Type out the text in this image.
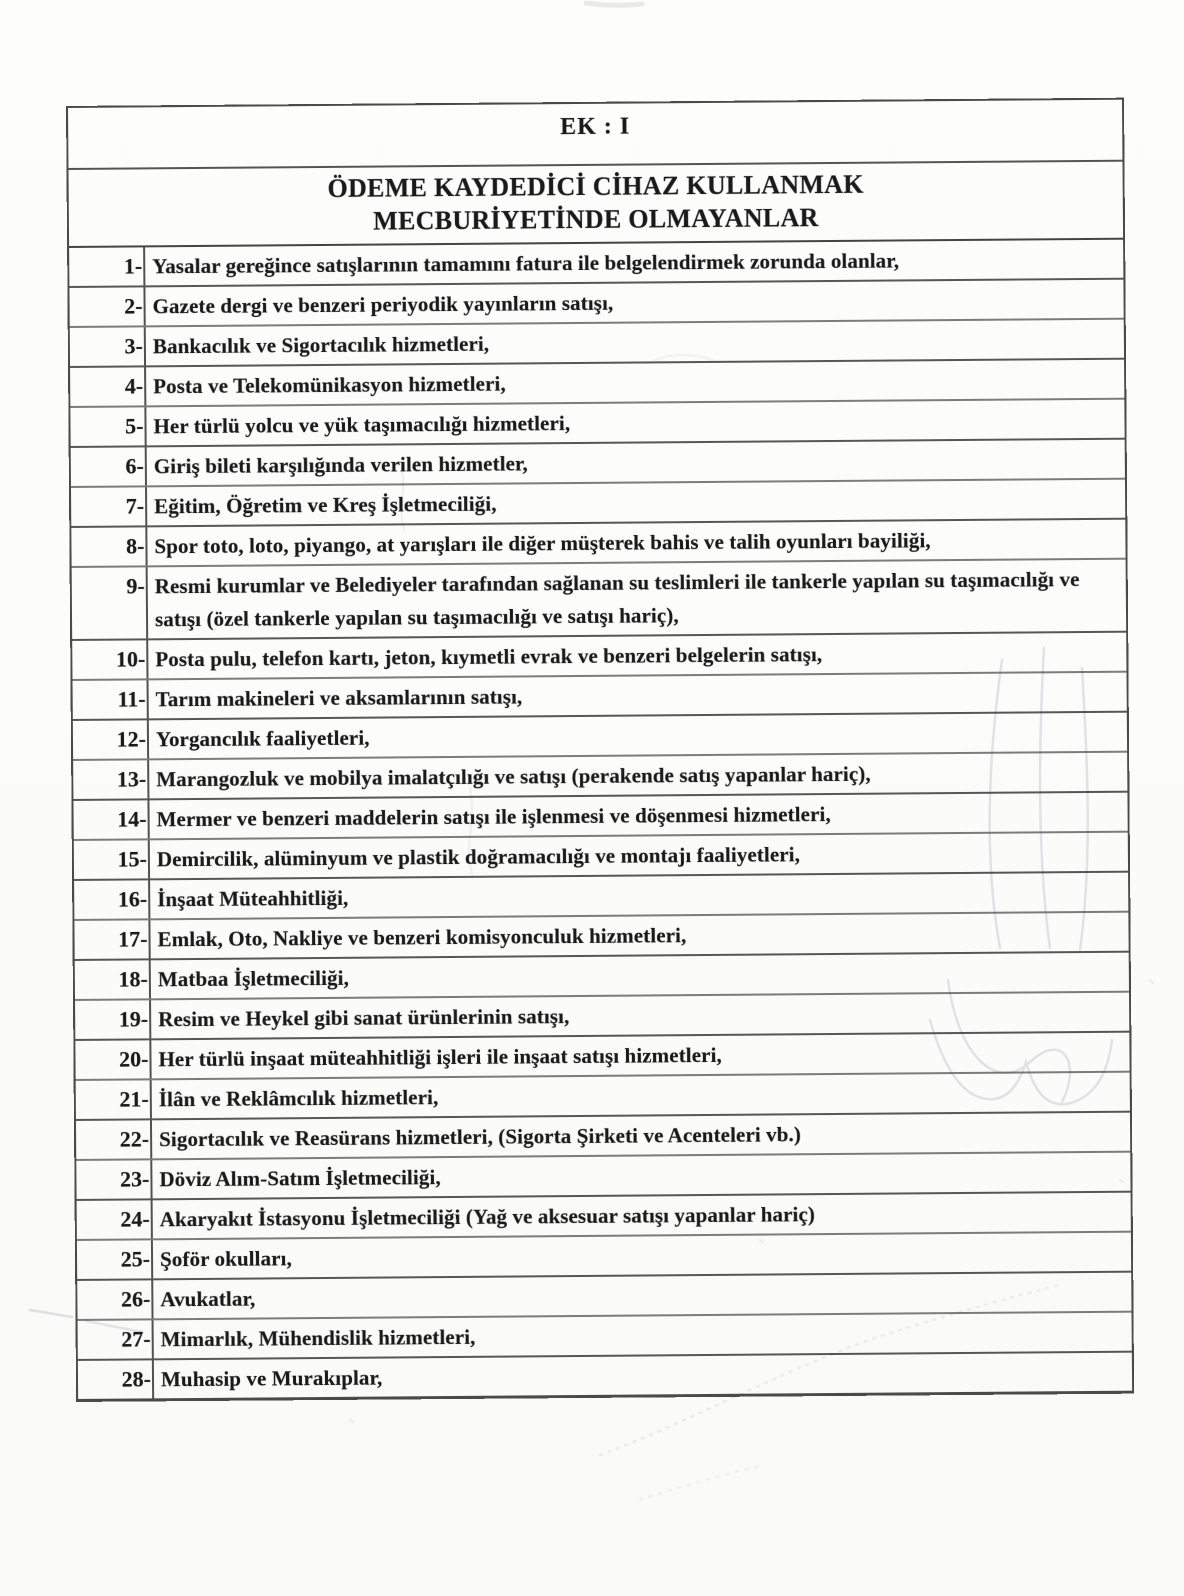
EK : I
ÖDEME KAYDEDİCİ CİHAZ KULLANMAK
MECBURİYETİNDE OLMAYANLAR
1- Yasalar gereğince satışlarının tamamını fatura ile belgelendirmek zorunda olanlar,
2- Gazete dergi ve benzeri periyodik yayınların satışı,
3- Bankacılık ve Sigortacılık hizmetleri,
4- Posta ve Telekomünikasyon hizmetleri,
5- Her türlü yolcu ve yük taşımacılığı hizmetleri,
6- Giriş bileti karşılığında verilen hizmetler,
7- Eğitim, Öğretim ve Kreş İşletmeciliği,
8- Spor toto, loto, piyango, at yarışları ile diğer müşterek bahis ve talih oyunları bayiliği,
9- Resmi kurumlar ve Belediyeler tarafından sağlanan su teslimleri ile tankerle yapılan su taşımacılığı ve satışı (özel tankerle yapılan su taşımacılığı ve satışı hariç),
10- Posta pulu, telefon kartı, jeton, kıymetli evrak ve benzeri belgelerin satışı,
11- Tarım makineleri ve aksamlarının satışı,
12- Yorgancılık faaliyetleri,
13- Marangozluk ve mobilya imalatçılığı ve satışı (perakende satış yapanlar hariç),
14- Mermer ve benzeri maddelerin satışı ile işlenmesi ve döşenmesi hizmetleri,
15- Demircilik, alüminyum ve plastik doğramacılığı ve montajı faaliyetleri,
16- İnşaat Müteahhitliği,
17- Emlak, Oto, Nakliye ve benzeri komisyonculuk hizmetleri,
18- Matbaa İşletmeciliği,
19- Resim ve Heykel gibi sanat ürünlerinin satışı,
20- Her türlü inşaat müteahhitliği işleri ile inşaat satışı hizmetleri,
21- İlân ve Reklâmcılık hizmetleri,
22- Sigortacılık ve Reasürans hizmetleri, (Sigorta Şirketi ve Acenteleri vb.)
23- Döviz Alım-Satım İşletmeciliği,
24- Akaryakıt İstasyonu İşletmeciliği (Yağ ve aksesuar satışı yapanlar hariç)
25- Şoför okulları,
26- Avukatlar,
27- Mimarlık, Mühendislik hizmetleri,
28- Muhasip ve Murakıplar,
